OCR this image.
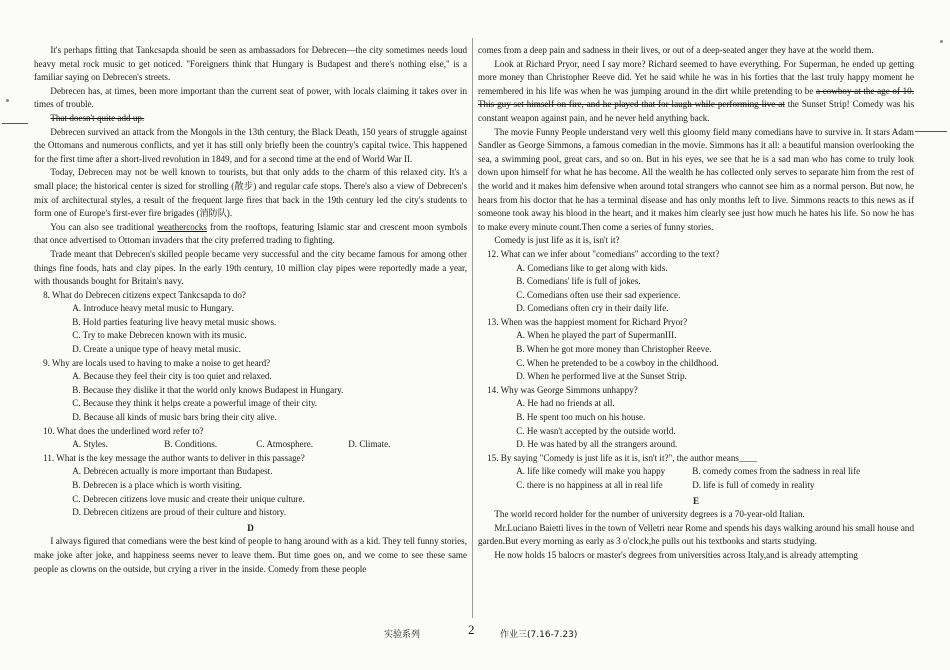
It's perhaps fitting that Tankcsapda should be seen as ambassadors for Debrecen—the city sometimes needs loud heavy metal rock music to get noticed. "Foreigners think that Hungary is Budapest and there's nothing else," is a familiar saying on Debrecen's streets.

Debrecen has, at times, been more important than the current seat of power, with locals claiming it takes over in times of trouble.

That doesn't quite add up.

Debrecen survived an attack from the Mongols in the 13th century, the Black Death, 150 years of struggle against the Ottomans and numerous conflicts, and yet it has still only briefly been the country's capital twice. This happened for the first time after a short-lived revolution in 1849, and for a second time at the end of World War II.

Today, Debrecen may not be well known to tourists, but that only adds to the charm of this relaxed city. It's a small place; the historical center is sized for strolling (散步) and regular cafe stops. There's also a view of Debrecen's mix of architectural styles, a result of the frequent large fires that back in the 19th century led the city's students to form one of Europe's first-ever fire brigades (消防队).

You can also see traditional weathercocks from the rooftops, featuring Islamic star and crescent moon symbols that once advertised to Ottoman invaders that the city preferred trading to fighting.

Trade meant that Debrecen's skilled people became very successful and the city became famous for among other things fine foods, hats and clay pipes. In the early 19th century, 10 million clay pipes were reportedly made a year, with thousands bought for Britain's navy.

8. What do Debrecen citizens expect Tankcsapda to do?
A. Introduce heavy metal music to Hungary.
B. Hold parties featuring live heavy metal music shows.
C. Try to make Debrecen known with its music.
D. Create a unique type of heavy metal music.
9. Why are locals used to having to make a noise to get heard?
A. Because they feel their city is too quiet and relaxed.
B. Because they dislike it that the world only knows Budapest in Hungary.
C. Because they think it helps create a powerful image of their city.
D. Because all kinds of music bars bring their city alive.
10. What does the underlined word refer to?
A. Styles.	B. Conditions.	C. Atmosphere.	D. Climate.
11. What is the key message the author wants to deliver in this passage?
A. Debrecen actually is more important than Budapest.
B. Debrecen is a place which is worth visiting.
C. Debrecen citizens love music and create their unique culture.
D. Debrecen citizens are proud of their culture and history.
D

I always figured that comedians were the best kind of people to hang around with as a kid. They tell funny stories, make joke after joke, and happiness seems never to leave them. But time goes on, and we come to see these same people as clowns on the outside, but crying a river in the inside. Comedy from these people

comes from a deep pain and sadness in their lives, or out of a deep-seated anger they have at the world them.

Look at Richard Pryor, need I say more? Richard seemed to have everything. For Superman, he ended up getting more money than Christopher Reeve did. Yet he said while he was in his forties that the last truly happy moment he remembered in his life was when he was jumping around in the dirt while pretending to be a cowboy at the age of 10. This guy set himself on fire, and he played that for laugh while performing live at the Sunset Strip! Comedy was his constant weapon against pain, and he never held anything back.

The movie Funny People understand very well this gloomy field many comedians have to survive in. It stars Adam Sandler as George Simmons, a famous comedian in the movie. Simmons has it all: a beautiful mansion overlooking the sea, a swimming pool, great cars, and so on. But in his eyes, we see that he is a sad man who has come to truly look down upon himself for what he has become. All the wealth he has collected only serves to separate him from the rest of the world and it makes him defensive when around total strangers who cannot see him as a normal person. But now, he hears from his doctor that he has a terminal disease and has only months left to live. Simmons reacts to this news as if someone took away his blood in the heart, and it makes him clearly see just how much he hates his life. So now he has to make every minute count.Then come a series of funny stories.

Comedy is just life as it is, isn't it?

12. What can we infer about "comedians" according to the text?
A. Comedians like to get along with kids.
B. Comedians' life is full of jokes.
C. Comedians often use their sad experience.
D. Comedians often cry in their daily life.
13. When was the happiest moment for Richard Pryor?
A. When he played the part of SupermanIII.
B. When he got more money than Christopher Reeve.
C. When he pretended to be a cowboy in the childhood.
D. When he performed live at the Sunset Strip.
14. Why was George Simmons unhappy?
A. He had no friends at all.
B. He spent too much on his house.
C. He wasn't accepted by the outside world.
D. He was hated by all the strangers around.
15. By saying "Comedy is just life as it is, isn't it?", the author means____
A. life like comedy will make you happy	B. comedy comes from the sadness in real life
C. there is no happiness at all in real life	D. life is full of comedy in reality
E

The world record holder for the number of university degrees is a 70-year-old Italian.

Mr.Luciano Baietti lives in the town of Velletri near Rome and spends his days walking around his small house and garden.But every morning as early as 3 o'clock,he pulls out his textbooks and starts studying.

He now holds 15 balocrs or master's degrees from universities across Italy,and is already attempting

实验系列	2	作业三(7.16-7.23)
